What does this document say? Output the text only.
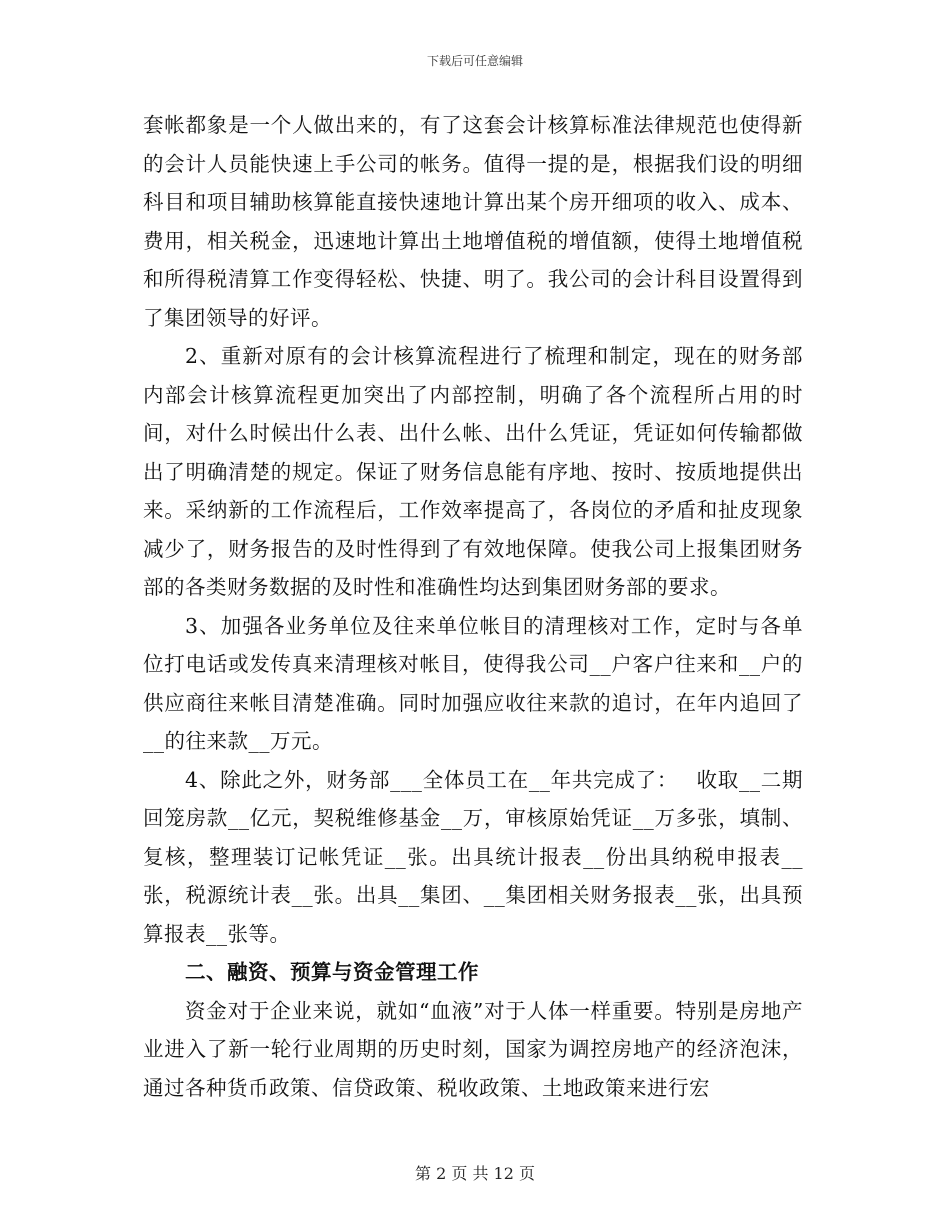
下载后可任意编辑

套帐都象是一个人做出来的，有了这套会计核算标准法律规范也使得新的会计人员能快速上手公司的帐务。值得一提的是，根据我们设的明细科目和项目辅助核算能直接快速地计算出某个房开细项的收入、成本、费用，相关税金，迅速地计算出土地增值税的增值额，使得土地增值税和所得税清算工作变得轻松、快捷、明了。我公司的会计科目设置得到了集团领导的好评。

2、重新对原有的会计核算流程进行了梳理和制定，现在的财务部内部会计核算流程更加突出了内部控制，明确了各个流程所占用的时间，对什么时候出什么表、出什么帐、出什么凭证，凭证如何传输都做出了明确清楚的规定。保证了财务信息能有序地、按时、按质地提供出来。采纳新的工作流程后，工作效率提高了，各岗位的矛盾和扯皮现象减少了，财务报告的及时性得到了有效地保障。使我公司上报集团财务部的各类财务数据的及时性和准确性均达到集团财务部的要求。

3、加强各业务单位及往来单位帐目的清理核对工作，定时与各单位打电话或发传真来清理核对帐目，使得我公司__户客户往来和__户的供应商往来帐目清楚准确。同时加强应收往来款的追讨，在年内追回了__的往来款__万元。

4、除此之外，财务部___全体员工在__年共完成了：　 收取__二期回笼房款__亿元，契税维修基金__万，审核原始凭证__万多张，填制、复核，整理装订记帐凭证__张。出具统计报表__份出具纳税申报表__张，税源统计表__张。出具__集团、__集团相关财务报表__张，出具预算报表__张等。

二、融资、预算与资金管理工作

资金对于企业来说，就如“血液”对于人体一样重要。特别是房地产业进入了新一轮行业周期的历史时刻，国家为调控房地产的经济泡沫，通过各种货币政策、信贷政策、税收政策、土地政策来进行宏

第 2 页 共 12 页
